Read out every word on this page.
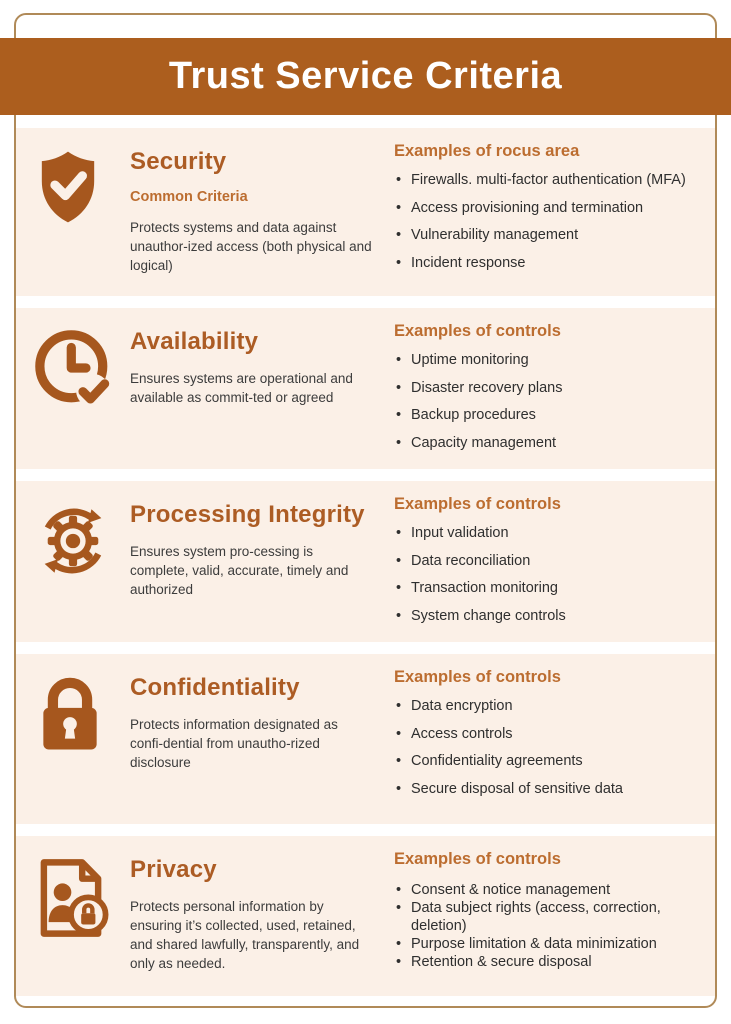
Security
Common Criteria
Protects systems and data against unauthor-ized access (both physical and logical)
Examples of rocus area
• Firewalls. multi-factor authentication (MFA)
• Access provisioning and termination
• Vulnerability management
• Incident response
Availability
Ensures systems are operational and available as commit-ted or agreed
Examples of controls
• Uptime monitoring
• Disaster recovery plans
• Backup procedures
• Capacity management
Processing Integrity
Ensures system pro-cessing is complete, valid, accurate, timely and authorized
Examples of controls
• Input validation
• Data reconciliation
• Transaction monitoring
• System change controls
Confidentiality
Protects information designated as confi-dential from unautho-rized disclosure
Examples of controls
• Data encryption
• Access controls
• Confidentiality agreements
• Secure disposal of sensitive data
Privacy
Protects personal information by ensuring it’s collected, used, retained, and shared lawfully, transparently, and only as needed.
Examples of controls
• Consent & notice management
• Data subject rights (access, correction, deletion)
• Purpose limitation & data minimization
• Retention & secure disposal
Trust Service Criteria
